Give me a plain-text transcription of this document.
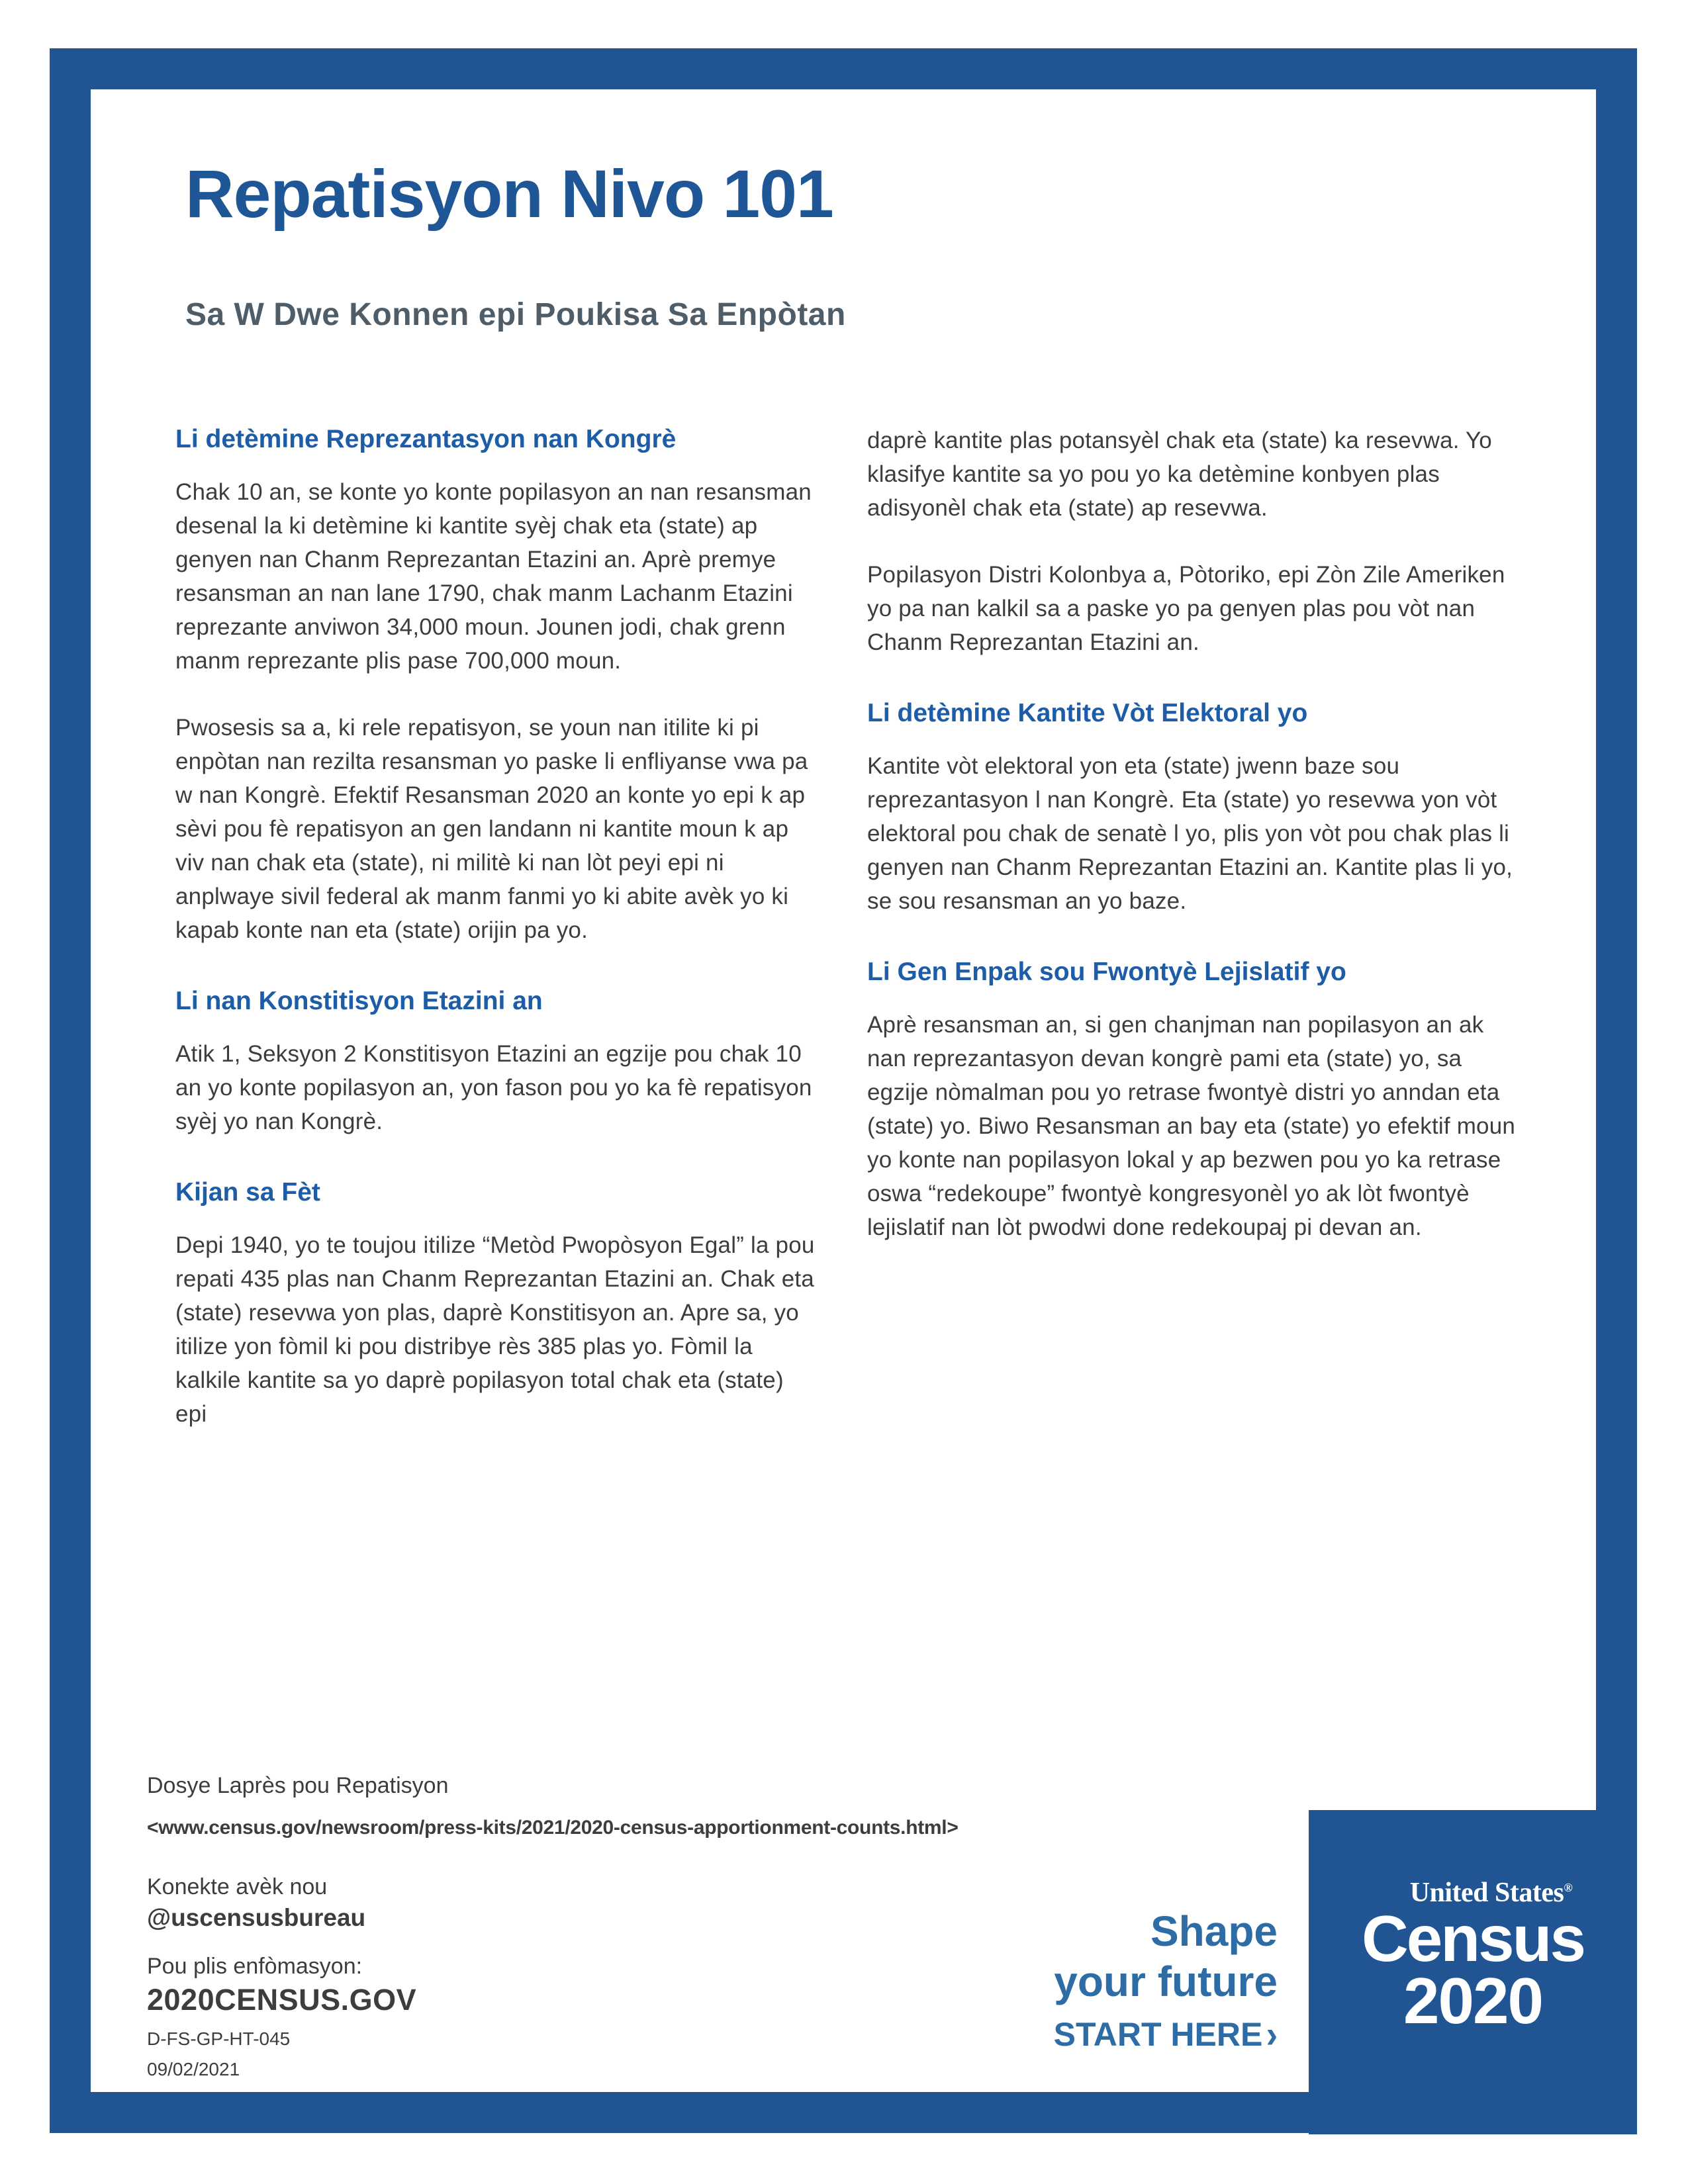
Repatisyon Nivo 101
Sa W Dwe Konnen epi Poukisa Sa Enpòtan
Li detèmine Reprezantasyon nan Kongrè

Chak 10 an, se konte yo konte popilasyon an nan resansman desenal la ki detèmine ki kantite syèj chak eta (state) ap genyen nan Chanm Reprezantan Etazini an. Aprè premye resansman an nan lane 1790, chak manm Lachanm Etazini reprezante anviwon 34,000 moun. Jounen jodi, chak grenn manm reprezante plis pase 700,000 moun.

Pwosesis sa a, ki rele repatisyon, se youn nan itilite ki pi enpòtan nan rezilta resansman yo paske li enfliyanse vwa pa w nan Kongrè. Efektif Resansman 2020 an konte yo epi k ap sèvi pou fè repatisyon an gen landann ni kantite moun k ap viv nan chak eta (state), ni militè ki nan lòt peyi epi ni anplwaye sivil federal ak manm fanmi yo ki abite avèk yo ki kapab konte nan eta (state) orijin pa yo.

Li nan Konstitisyon Etazini an

Atik 1, Seksyon 2 Konstitisyon Etazini an egzije pou chak 10 an yo konte popilasyon an, yon fason pou yo ka fè repatisyon syèj yo nan Kongrè.

Kijan sa Fèt

Depi 1940, yo te toujou itilize “Metòd Pwopòsyon Egal” la pou repati 435 plas nan Chanm Reprezantan Etazini an. Chak eta (state) resevwa yon plas, daprè Konstitisyon an. Apre sa, yo itilize yon fòmil ki pou distribye rès 385 plas yo. Fòmil la kalkile kantite sa yo daprè popilasyon total chak eta (state) epi

daprè kantite plas potansyèl chak eta (state) ka resevwa. Yo klasifye kantite sa yo pou yo ka detèmine konbyen plas adisyonèl chak eta (state) ap resevwa.

Popilasyon Distri Kolonbya a, Pòtoriko, epi Zòn Zile Ameriken yo pa nan kalkil sa a paske yo pa genyen plas pou vòt nan Chanm Reprezantan Etazini an.

Li detèmine Kantite Vòt Elektoral yo

Kantite vòt elektoral yon eta (state) jwenn baze sou reprezantasyon l nan Kongrè. Eta (state) yo resevwa yon vòt elektoral pou chak de senatè l yo, plis yon vòt pou chak plas li genyen nan Chanm Reprezantan Etazini an. Kantite plas li yo, se sou resansman an yo baze.

Li Gen Enpak sou Fwontyè Lejislatif yo

Aprè resansman an, si gen chanjman nan popilasyon an ak nan reprezantasyon devan kongrè pami eta (state) yo, sa egzije nòmalman pou yo retrase fwontyè distri yo anndan eta (state) yo. Biwo Resansman an bay eta (state) yo efektif moun yo konte nan popilasyon lokal y ap bezwen pou yo ka retrase oswa “redekoupe” fwontyè kongresyonèl yo ak lòt fwontyè lejislatif nan lòt pwodwi done redekoupaj pi devan an.

Dosye Laprès pou Repatisyon
<www.census.gov/newsroom/press-kits/2021/2020-census-apportionment-counts.html>
Konekte avèk nou
@uscensusbureau
Pou plis enfòmasyon:
2020CENSUS.GOV
D-FS-GP-HT-045
09/02/2021
Shape
your future
START HERE ›
United States®
Census
2020
